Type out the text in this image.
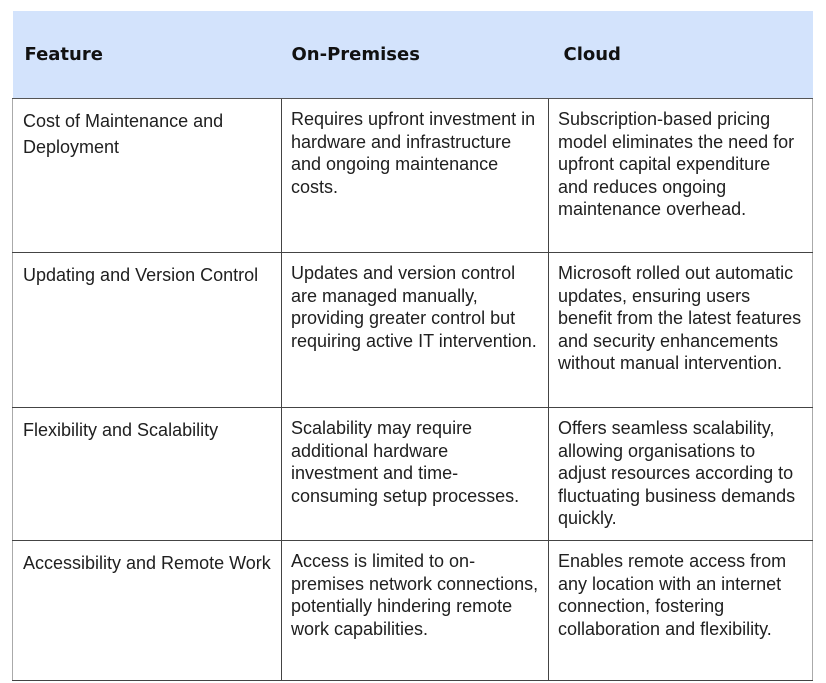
Feature	On-Premises	Cloud

Cost of Maintenance and Deployment	Requires upfront investment in hardware and infrastructure and ongoing maintenance costs.	Subscription-based pricing model eliminates the need for upfront capital expenditure and reduces ongoing maintenance overhead.

Updating and Version Control	Updates and version control are managed manually, providing greater control but requiring active IT intervention.	Microsoft rolled out automatic updates, ensuring users benefit from the latest features and security enhancements without manual intervention.

Flexibility and Scalability	Scalability may require additional hardware investment and time-consuming setup processes.	Offers seamless scalability, allowing organisations to adjust resources according to fluctuating business demands quickly.

Accessibility and Remote Work	Access is limited to on-premises network connections, potentially hindering remote work capabilities.	Enables remote access from any location with an internet connection, fostering collaboration and flexibility.
